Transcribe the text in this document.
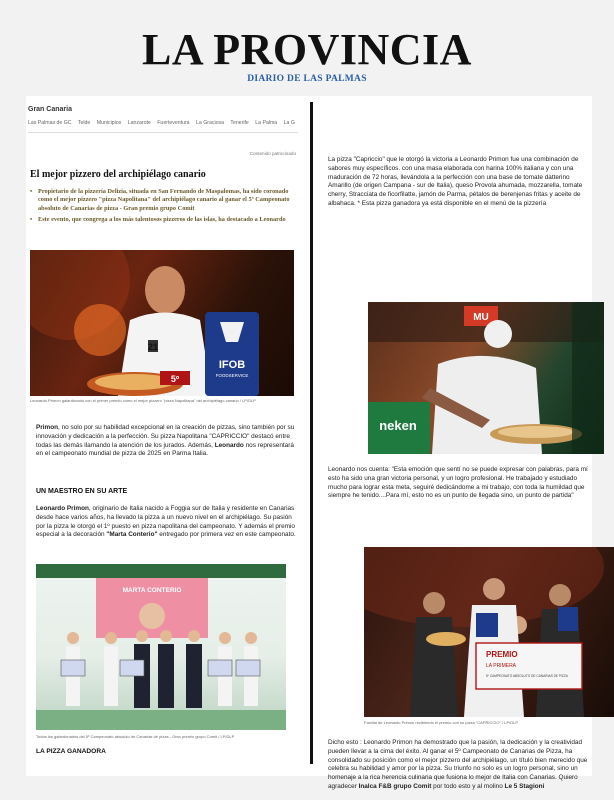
LA PROVINCIA
DIARIO DE LAS PALMAS
Gran Canaria
Las Palmas de GC Telde Municipios Lanzarote Fuerteventura La Graciosa Tenerife La Palma La G
Contenido patrocinado
El mejor pizzero del archipiélago canario
• Propietario de la pizzería Delizia, situada en San Fernando de Maspalomas, ha sido coronado como el mejor pizzero "pizza Napolitana" del archipiélago canario al ganar el 5º Campeonato absoluto de Canarias de pizza - Gran premio grupo Comit
• Este evento, que congrega a los más talentosos pizzeros de las islas, ha destacado a Leonardo
21
IFOB
FOODSERVICE
5º
Leonardo Primon galardonado con el primer premio como el mejor pizzero "pizza Napolitana" del archipiélago canario / LP/DLP
Primon, no solo por su habilidad excepcional en la creación de pizzas, sino también por su innovación y dedicación a la perfección. Su pizza Napolitana "CAPRICCIO" destacó entre todas las demás llamando la atención de los jurados. Además, Leonardo nos representará en el campeonato mundial de pizza de 2025 en Parma Italia.
UN MAESTRO EN SU ARTE
Leonardo Primon, originario de Italia nacido a Foggia sur de Italia y residente en Canarias desde hace varios años, ha llevado la pizza a un nuevo nivel en el archipiélago. Su pasión por la pizza le otorgó el 1º puesto en pizza napolitana del campeonato. Y además el premio especial a la decoración "Marta Conterio" entregado por primera vez en este campeonato.
MARTA CONTERIO
Todos los galardonados del 5º Campeonato absoluto de Canarias de pizza - Gran premio grupo Comit / LP/DLP
LA PIZZA GANADORA
La pizza "Capriccio" que le otorgó la victoria a Leonardo Primon fue una combinación de sabores muy específicos. con una masa elaborada con harina 100% italiana y con una maduración de 72 horas, llevándola a la perfección con una base de tomate datterino Amarillo (de origen Campana - sur de Italia), queso Provola ahumada, mozzarella, tomate cherry, Stracciata de ficorfilatte, jamón de Parma, pétalos de berenjenas fritas y aceite de albahaca. * Esta pizza ganadora ya está disponible en el menú de la pizzería
MU
neken
Leonardo nos cuenta: "Esta emoción que sentí no se puede expresar con palabras, para mí esto ha sido una gran victoria personal, y un logro profesional. He trabajado y estudiado mucho para lograr esta meta, seguiré dedicándome a mi trabajo, con toda la humildad que siempre he tenido....Para mí, esto no es un punto de llegada sino, un punto de partida"
PREMIO
LA PRIMERA
5º CAMPEONATO ABSOLUTO DE CANARIAS DE PIZZA
Familia de Leonardo Primon recibiendo el premio con su pizza "CAPRICCIO" / LP/DLP
Dicho esto : Leonardo Primon ha demostrado que la pasión, la dedicación y la creatividad pueden llevar a la cima del éxito. Al ganar el 5º Campeonato de Canarias de Pizza, ha consolidado su posición como el mejor pizzero del archipiélago, un título bien merecido que celebra su habilidad y amor por la pizza. Su triunfo no solo es un logro personal, sino un homenaje a la rica herencia culinaria que fusiona lo mejor de Italia con Canarias. Quiero agradecer Inalca F&B grupo Comit por todo esto y al molino Le 5 Stagioni
